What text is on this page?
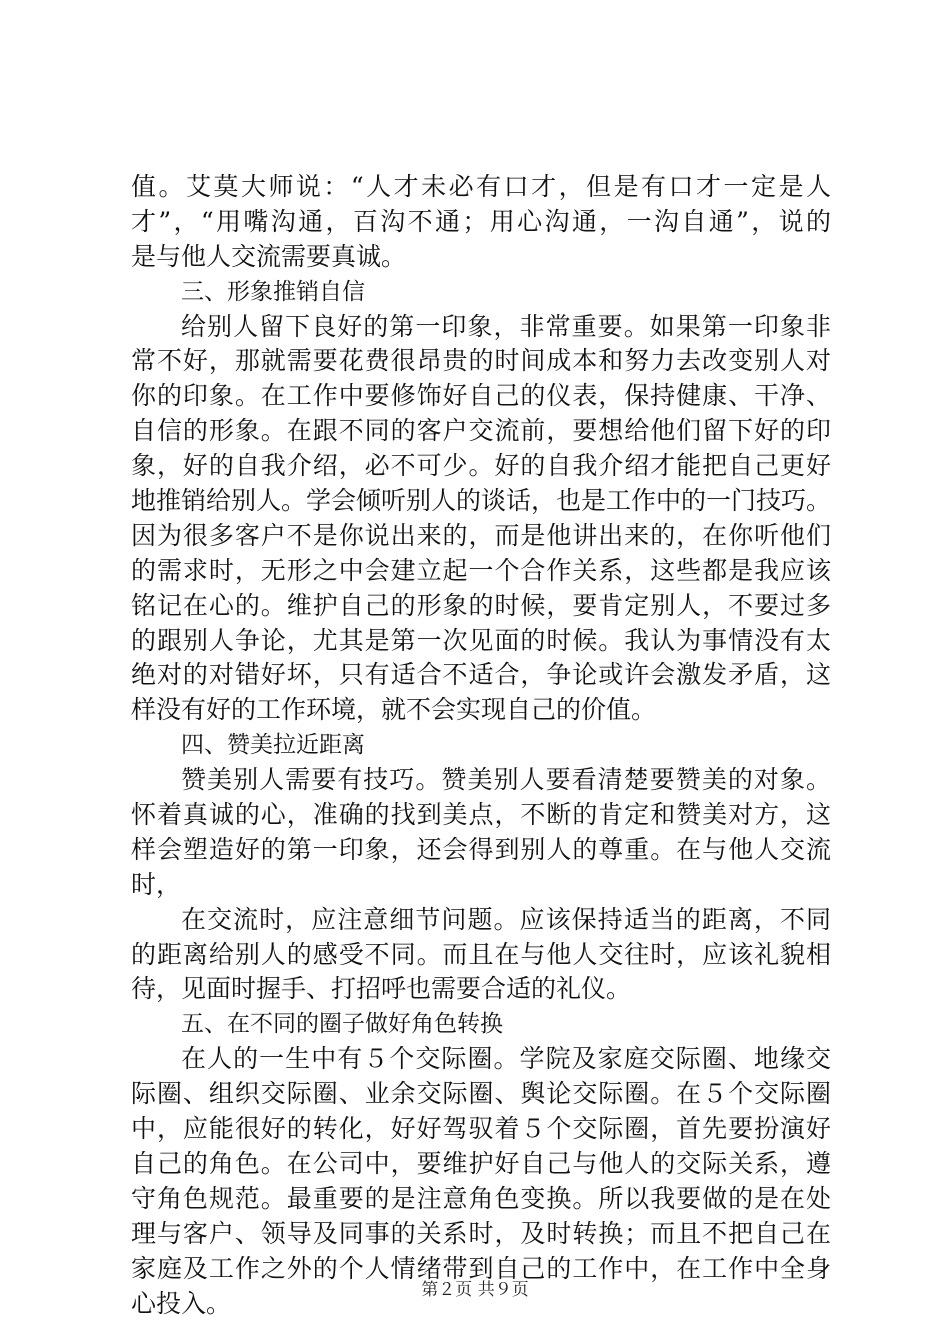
值。艾莫大师说：“人才未必有口才，但是有口才一定是人

才”，“用嘴沟通，百沟不通；用心沟通，一沟自通”，说的

是与他人交流需要真诚。

三、形象推销自信

给别人留下良好的第一印象，非常重要。如果第一印象非

常不好，那就需要花费很昂贵的时间成本和努力去改变别人对

你的印象。在工作中要修饰好自己的仪表，保持健康、干净、

自信的形象。在跟不同的客户交流前，要想给他们留下好的印

象，好的自我介绍，必不可少。好的自我介绍才能把自己更好

地推销给别人。学会倾听别人的谈话，也是工作中的一门技巧。

因为很多客户不是你说出来的，而是他讲出来的，在你听他们

的需求时，无形之中会建立起一个合作关系，这些都是我应该

铭记在心的。维护自己的形象的时候，要肯定别人，不要过多

的跟别人争论，尤其是第一次见面的时候。我认为事情没有太

绝对的对错好坏，只有适合不适合，争论或许会激发矛盾，这

样没有好的工作环境，就不会实现自己的价值。

四、赞美拉近距离

赞美别人需要有技巧。赞美别人要看清楚要赞美的对象。

怀着真诚的心，准确的找到美点，不断的肯定和赞美对方，这

样会塑造好的第一印象，还会得到别人的尊重。在与他人交流

时，

在交流时，应注意细节问题。应该保持适当的距离，不同

的距离给别人的感受不同。而且在与他人交往时，应该礼貌相

待，见面时握手、打招呼也需要合适的礼仪。

五、在不同的圈子做好角色转换

在人的一生中有５个交际圈。学院及家庭交际圈、地缘交

际圈、组织交际圈、业余交际圈、舆论交际圈。在５个交际圈

中，应能很好的转化，好好驾驭着５个交际圈，首先要扮演好

自己的角色。在公司中，要维护好自己与他人的交际关系，遵

守角色规范。最重要的是注意角色变换。所以我要做的是在处

理与客户、领导及同事的关系时，及时转换；而且不把自己在

家庭及工作之外的个人情绪带到自己的工作中，在工作中全身

心投入。	第２页 共９页
